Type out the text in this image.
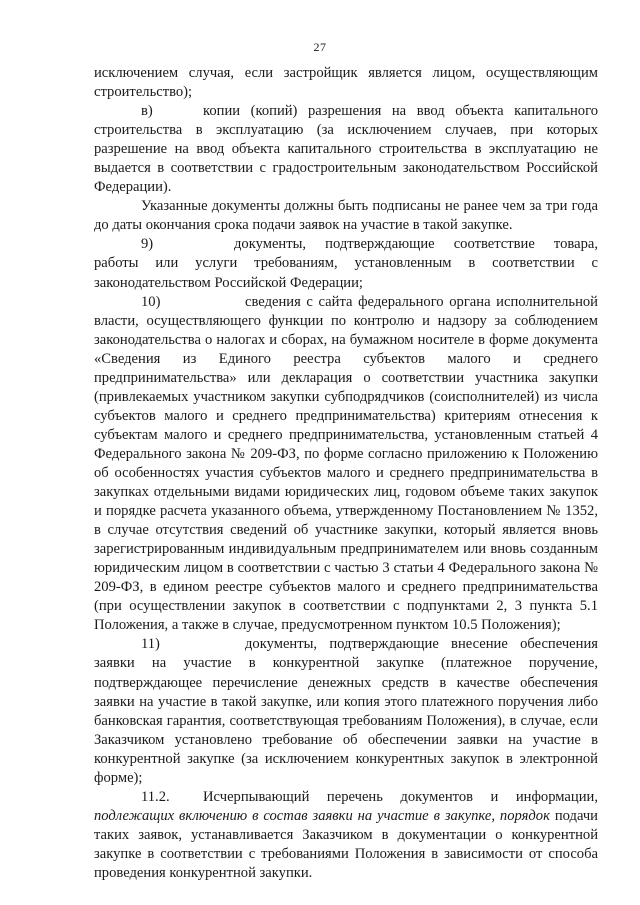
27

исключением случая, если застройщик является лицом, осуществляющим строительство);

в)	копии (копий) разрешения на ввод объекта капитального строительства в эксплуатацию (за исключением случаев, при которых разрешение на ввод объекта капитального строительства в эксплуатацию не выдается в соответствии с градостроительным законодательством Российской Федерации).

Указанные документы должны быть подписаны не ранее чем за три года до даты окончания срока подачи заявок на участие в такой закупке.

9)	документы, подтверждающие соответствие товара, работы или услуги требованиям, установленным в соответствии с законодательством Российской Федерации;

10)	сведения с сайта федерального органа исполнительной власти, осуществляющего функции по контролю и надзору за соблюдением законодательства о налогах и сборах, на бумажном носителе в форме документа «Сведения из Единого реестра субъектов малого и среднего предпринимательства» или декларация о соответствии участника закупки (привлекаемых участником закупки субподрядчиков (соисполнителей) из числа субъектов малого и среднего предпринимательства) критериям отнесения к субъектам малого и среднего предпринимательства, установленным статьей 4 Федерального закона № 209-ФЗ, по форме согласно приложению к Положению об особенностях участия субъектов малого и среднего предпринимательства в закупках отдельными видами юридических лиц, годовом объеме таких закупок и порядке расчета указанного объема, утвержденному Постановлением № 1352, в случае отсутствия сведений об участнике закупки, который является вновь зарегистрированным индивидуальным предпринимателем или вновь созданным юридическим лицом в соответствии с частью 3 статьи 4 Федерального закона № 209-ФЗ, в едином реестре субъектов малого и среднего предпринимательства (при осуществлении закупок в соответствии с подпунктами 2, 3 пункта 5.1 Положения, а также в случае, предусмотренном пунктом 10.5 Положения);

11)	документы, подтверждающие внесение обеспечения заявки на участие в конкурентной закупке (платежное поручение, подтверждающее перечисление денежных средств в качестве обеспечения заявки на участие в такой закупке, или копия этого платежного поручения либо банковская гарантия, соответствующая требованиям Положения), в случае, если Заказчиком установлено требование об обеспечении заявки на участие в конкурентной закупке (за исключением конкурентных закупок в электронной форме);

11.2. Исчерпывающий перечень документов и информации, подлежащих включению в состав заявки на участие в закупке, порядок подачи таких заявок, устанавливается Заказчиком в документации о конкурентной закупке в соответствии с требованиями Положения в зависимости от способа проведения конкурентной закупки.
